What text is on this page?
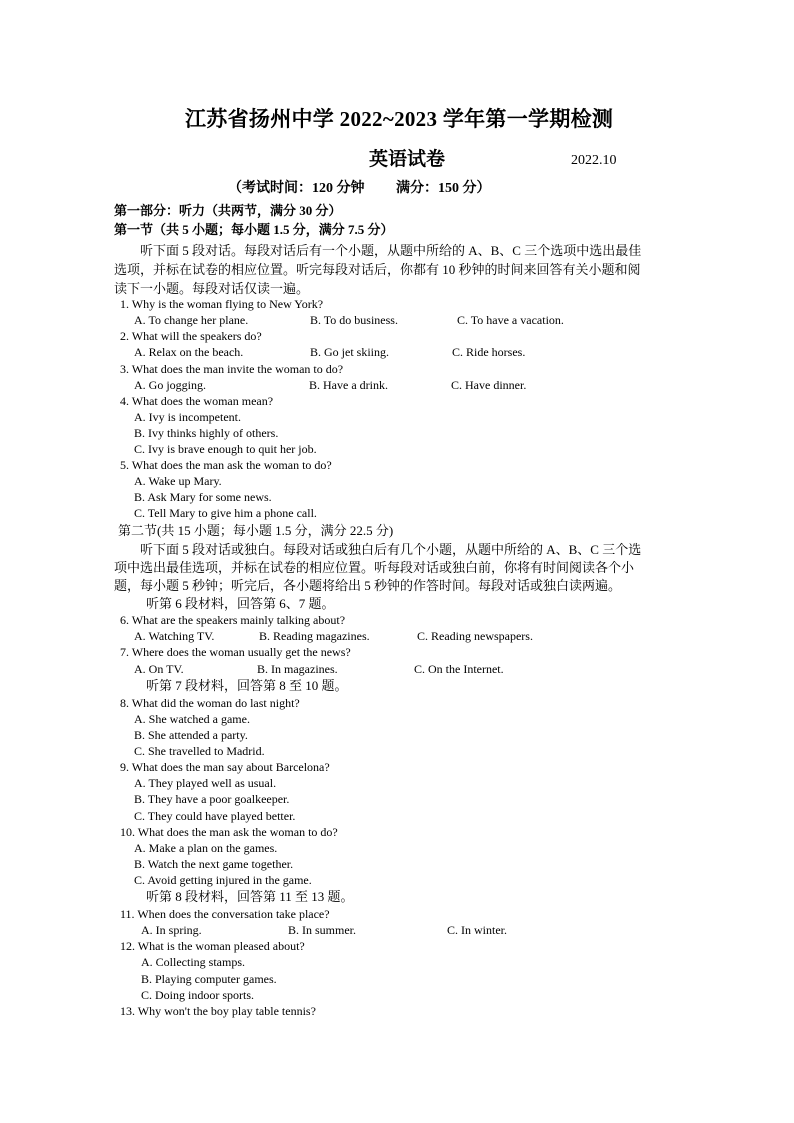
江苏省扬州中学 2022~2023 学年第一学期检测
英语试卷	2022.10
（考试时间：120 分钟 　　满分：150 分）
第一部分：听力（共两节，满分 30 分）
第一节（共 5 小题；每小题 1.5 分，满分 7.5 分）
听下面 5 段对话。每段对话后有一个小题，从题中所给的 A、B、C 三个选项中选出最佳
选项，并标在试卷的相应位置。听完每段对话后，你都有 10 秒钟的时间来回答有关小题和阅
读下一小题。每段对话仅读一遍。
1. Why is the woman flying to New York?
A. To change her plane.	B. To do business.	C. To have a vacation.
2. What will the speakers do?
A. Relax on the beach.	B. Go jet skiing.	C. Ride horses.
3. What does the man invite the woman to do?
A. Go jogging.	B. Have a drink.	C. Have dinner.
4. What does the woman mean?
A. Ivy is incompetent.
B. Ivy thinks highly of others.
C. Ivy is brave enough to quit her job.
5. What does the man ask the woman to do?
A. Wake up Mary.
B. Ask Mary for some news.
C. Tell Mary to give him a phone call.
第二节(共 15 小题；每小题 1.5 分，满分 22.5 分)
听下面 5 段对话或独白。每段对话或独白后有几个小题，从题中所给的 A、B、C 三个选
项中选出最佳选项，并标在试卷的相应位置。听每段对话或独白前，你将有时间阅读各个小
题，每小题 5 秒钟；听完后，各小题将给出 5 秒钟的作答时间。每段对话或独白读两遍。
听第 6 段材料，回答第 6、7 题。
6. What are the speakers mainly talking about?
A. Watching TV.	B. Reading magazines.	C. Reading newspapers.
7. Where does the woman usually get the news?
A. On TV.	B. In magazines.	C. On the Internet.
听第 7 段材料，回答第 8 至 10 题。
8. What did the woman do last night?
A. She watched a game.
B. She attended a party.
C. She travelled to Madrid.
9. What does the man say about Barcelona?
A. They played well as usual.
B. They have a poor goalkeeper.
C. They could have played better.
10. What does the man ask the woman to do?
A. Make a plan on the games.
B. Watch the next game together.
C. Avoid getting injured in the game.
听第 8 段材料，回答第 11 至 13 题。
11. When does the conversation take place?
A. In spring.	B. In summer.	C. In winter.
12. What is the woman pleased about?
A. Collecting stamps.
B. Playing computer games.
C. Doing indoor sports.
13. Why won't the boy play table tennis?
